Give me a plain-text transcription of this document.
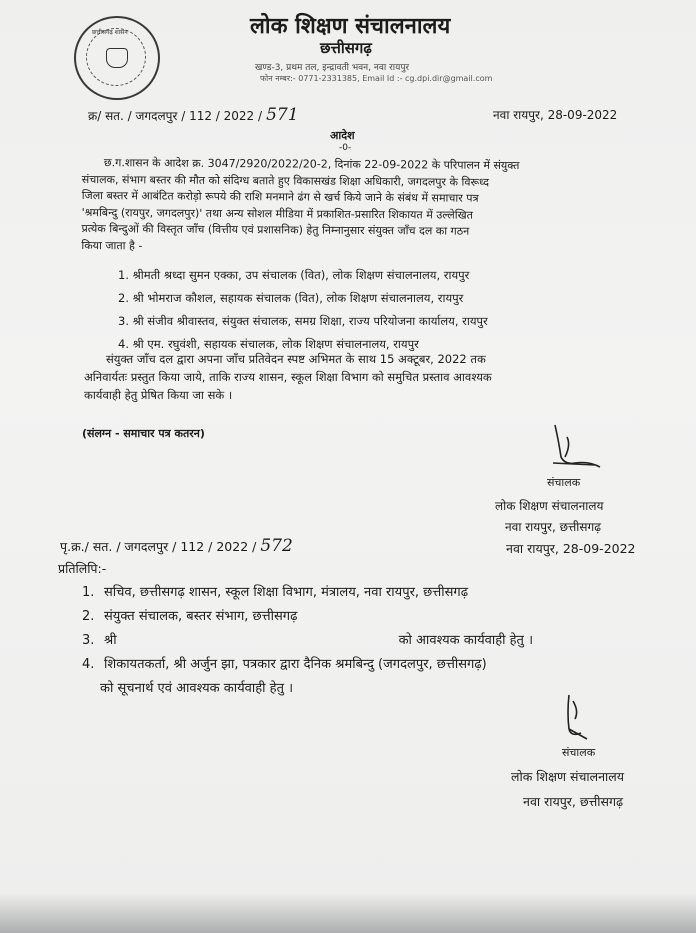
छत्तीसगढ़ शासन	लोक शिक्षण संचालनालय
छत्तीसगढ़
खण्ड-3, प्रथम तल, इन्द्रावती भवन, नवा रायपुर
फोन नम्बर:- 0771-2331385, Email Id :- cg.dpi.dir@gmail.com
क्र/ सत. / जगदलपुर / 112 / 2022 / 571	नवा रायपुर, 28-09-2022
आदेश
-0-
छ.ग.शासन के आदेश क्र. 3047/2920/2022/20-2, दिनांक 22-09-2022 के परिपालन में संयुक्त
संचालक, संभाग बस्तर की मौत को संदिग्ध बताते हुए विकासखंड शिक्षा अधिकारी, जगदलपुर के विरूध्द
जिला बस्तर में आबंटित करोड़ो रूपये की राशि मनमाने ढंग से खर्च किये जाने के संबंध में समाचार पत्र
'श्रमबिन्दु (रायपुर, जगदलपुर)' तथा अन्य सोशल मीडिया में प्रकाशित-प्रसारित शिकायत में उल्लेखित
प्रत्येक बिन्दुओं की विस्तृत जाँच (वित्तीय एवं प्रशासनिक) हेतु निम्नानुसार संयुक्त जाँच दल का गठन
किया जाता है -
1. श्रीमती श्रध्दा सुमन एक्का, उप संचालक (वित), लोक शिक्षण संचालनालय, रायपुर
2. श्री भोमराज कौशल, सहायक संचालक (वित), लोक शिक्षण संचालनालय, रायपुर
3. श्री संजीव श्रीवास्तव, संयुक्त संचालक, समग्र शिक्षा, राज्य परियोजना कार्यालय, रायपुर
4. श्री एम. रघुवंशी, सहायक संचालक, लोक शिक्षण संचालनालय, रायपुर
संयुक्त जाँच दल द्वारा अपना जाँच प्रतिवेदन स्पष्ट अभिमत के साथ 15 अक्टूबर, 2022 तक
अनिवार्यतः प्रस्तुत किया जाये, ताकि राज्य शासन, स्कूल शिक्षा विभाग को समुचित प्रस्ताव आवश्यक
कार्यवाही हेतु प्रेषित किया जा सके ।
(संलग्न - समाचार पत्र कतरन)
संचालक
लोक शिक्षण संचालनालय
नवा रायपुर, छत्तीसगढ़
पृ.क्र./ सत. / जगदलपुर / 112 / 2022 / 572	नवा रायपुर, 28-09-2022
प्रतिलिपि:-
1. सचिव, छत्तीसगढ़ शासन, स्कूल शिक्षा विभाग, मंत्रालय, नवा रायपुर, छत्तीसगढ़
2. संयुक्त संचालक, बस्तर संभाग, छत्तीसगढ़
3. श्री	को आवश्यक कार्यवाही हेतु ।
4. शिकायतकर्ता, श्री अर्जुन झा, पत्रकार द्वारा दैनिक श्रमबिन्दु (जगदलपुर, छत्तीसगढ़)
को सूचनार्थ एवं आवश्यक कार्यवाही हेतु ।
संचालक
लोक शिक्षण संचालनालय
नवा रायपुर, छत्तीसगढ़
